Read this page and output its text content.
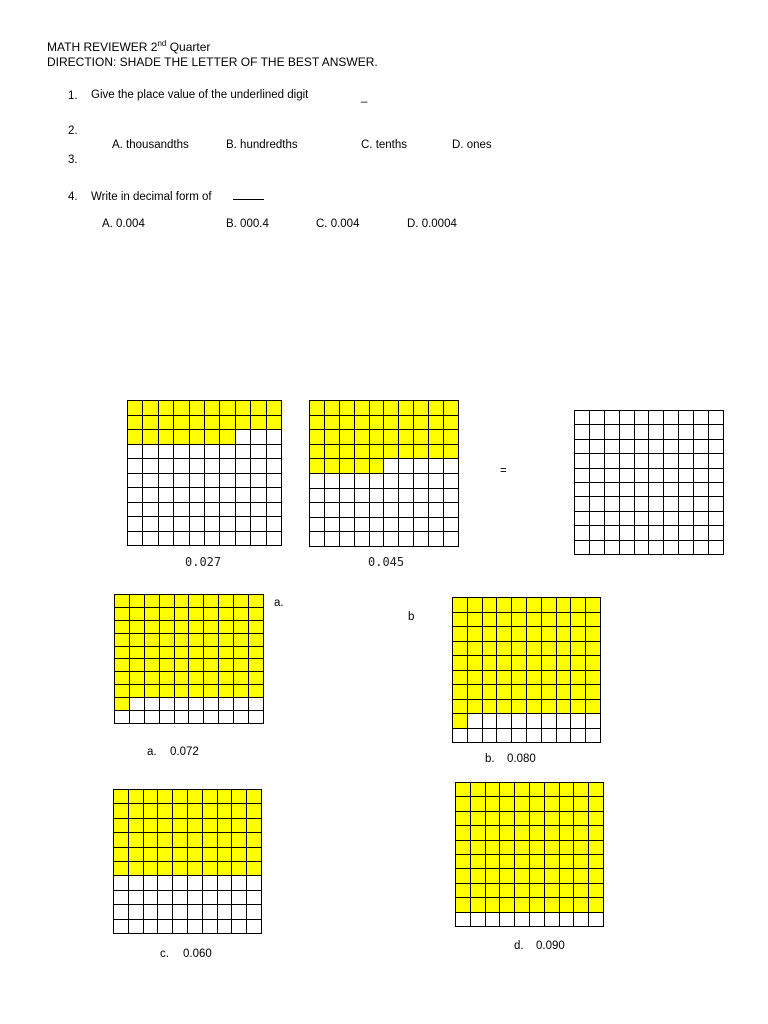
MATH REVIEWER 2nd Quarter
DIRECTION: SHADE THE LETTER OF THE BEST ANSWER.
1. Give the place value of the underlined digit	_
2.
3.
A. thousandths	B. hundredths	C. tenths	D. ones
4. Write in decimal form of
A. 0.004	B. 000.4	C. 0.004	D. 0.0004
0.027	0.045
=
a.
a. 0.072
b
b. 0.080
c. 0.060
d. 0.090
